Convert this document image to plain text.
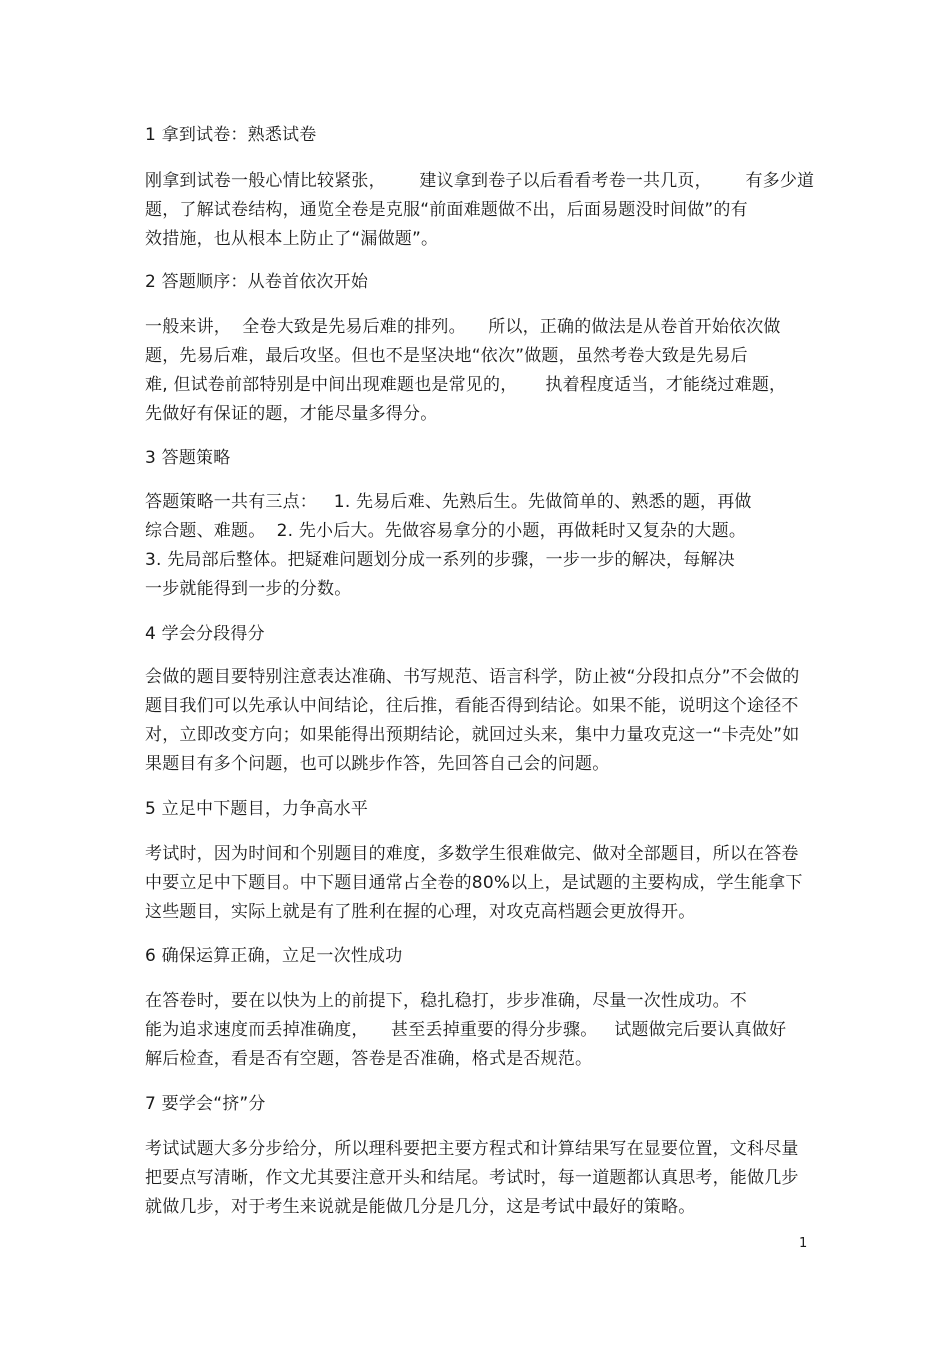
1 拿到试卷：熟悉试卷
刚拿到试卷一般心情比较紧张，      建议拿到卷子以后看看考卷一共几页，      有多少道
题，了解试卷结构，通览全卷是克服“前面难题做不出，后面易题没时间做”的有
效措施，也从根本上防止了“漏做题”。
2 答题顺序：从卷首依次开始
一般来讲，  全卷大致是先易后难的排列。    所以，正确的做法是从卷首开始依次做
题，先易后难，最后攻坚。但也不是坚决地“依次”做题，虽然考卷大致是先易后
难, 但试卷前部特别是中间出现难题也是常见的，     执着程度适当，才能绕过难题，
先做好有保证的题，才能尽量多得分。
3 答题策略
答题策略一共有三点：   1. 先易后难、先熟后生。先做简单的、熟悉的题，再做
综合题、难题。  2. 先小后大。先做容易拿分的小题，再做耗时又复杂的大题。
3. 先局部后整体。把疑难问题划分成一系列的步骤，一步一步的解决，每解决
一步就能得到一步的分数。
4 学会分段得分
会做的题目要特别注意表达准确、书写规范、语言科学，防止被“分段扣点分”不会做的
题目我们可以先承认中间结论，往后推，看能否得到结论。如果不能，说明这个途径不
对，立即改变方向；如果能得出预期结论，就回过头来，集中力量攻克这一“卡壳处”如
果题目有多个问题，也可以跳步作答，先回答自己会的问题。
5 立足中下题目，力争高水平
考试时，因为时间和个别题目的难度，多数学生很难做完、做对全部题目，所以在答卷
中要立足中下题目。中下题目通常占全卷的80%以上，是试题的主要构成，学生能拿下
这些题目，实际上就是有了胜利在握的心理，对攻克高档题会更放得开。
6 确保运算正确，立足一次性成功
在答卷时，要在以快为上的前提下，稳扎稳打，步步准确，尽量一次性成功。不
能为追求速度而丢掉准确度，    甚至丢掉重要的得分步骤。   试题做完后要认真做好
解后检查，看是否有空题，答卷是否准确，格式是否规范。
7 要学会“挤”分
考试试题大多分步给分，所以理科要把主要方程式和计算结果写在显要位置，文科尽量
把要点写清晰，作文尤其要注意开头和结尾。考试时，每一道题都认真思考，能做几步
就做几步，对于考生来说就是能做几分是几分，这是考试中最好的策略。
1
